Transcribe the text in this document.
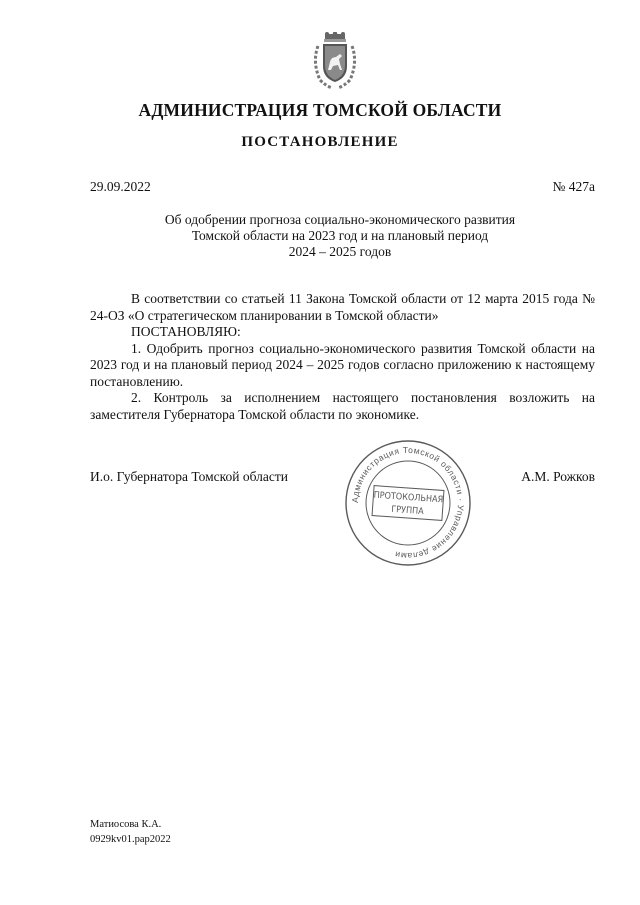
АДМИНИСТРАЦИЯ ТОМСКОЙ ОБЛАСТИ
ПОСТАНОВЛЕНИЕ
29.09.2022	№ 427а
Об одобрении прогноза социально-экономического развития
Томской области на 2023 год и на плановый период
2024 – 2025 годов
В соответствии со статьей 11 Закона Томской области от 12 марта 2015 года № 24-ОЗ «О стратегическом планировании в Томской области»
ПОСТАНОВЛЯЮ:
1. Одобрить прогноз социально-экономического развития Томской области на 2023 год и на плановый период 2024 – 2025 годов согласно приложению к настоящему постановлению.
2. Контроль за исполнением настоящего постановления возложить на заместителя Губернатора Томской области по экономике.
И.о. Губернатора Томской области	А.М. Рожков
Администрация Томской области · Управление делами
ПРОТОКОЛЬНАЯ
ГРУППА
Матиосова К.А.
0929kv01.рар2022
